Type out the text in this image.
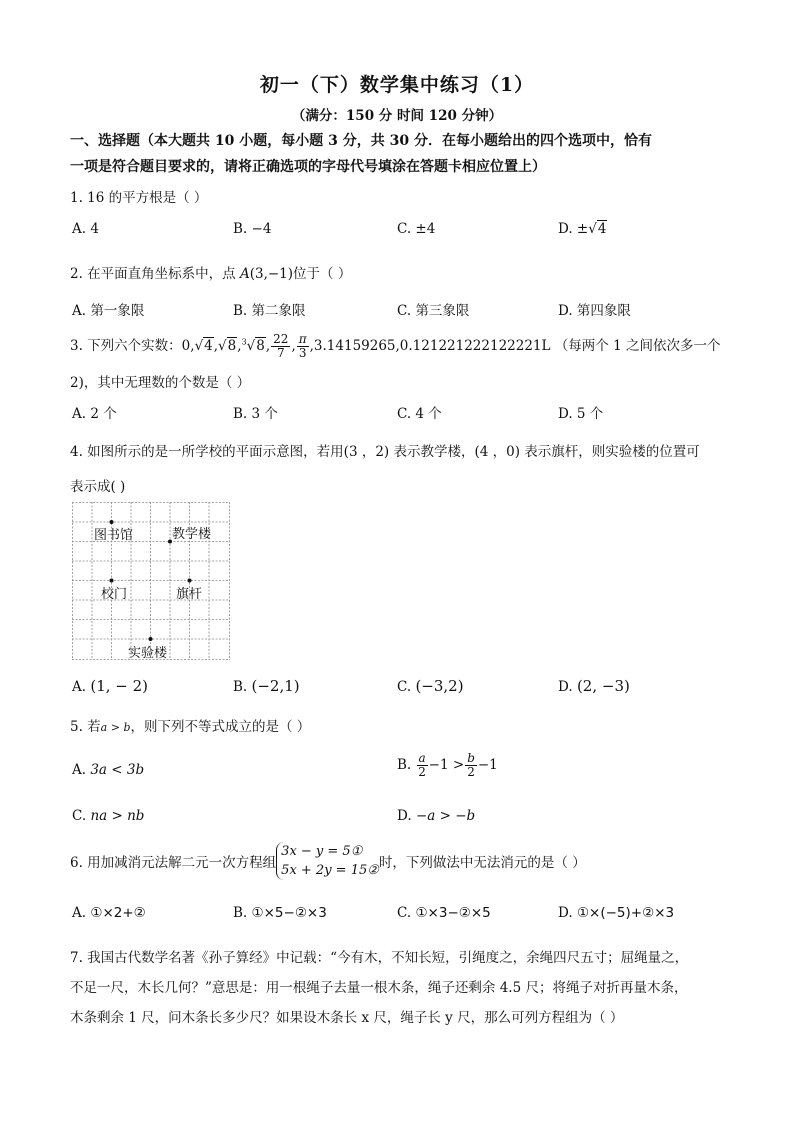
初一（下）数学集中练习（1）
（满分：150 分 时间 120 分钟）
一、选择题（本大题共 10 小题，每小题 3 分，共 30 分．在每小题给出的四个选项中，恰有
一项是符合题目要求的，请将正确选项的字母代号填涂在答题卡相应位置上）
1. 16 的平方根是（ ）
A. 4	B. −4	C. ±4	D. ±√4
2. 在平面直角坐标系中，点 A(3,−1)位于（ ）
A. 第一象限	B. 第二象限	C. 第三象限	D. 第四象限
3. 下列六个实数：0,√4,√8,$^3$√8, $\frac{22}{7}$ , $\frac{\pi}{3} ,3.14159265,0.121221222122221L$ （每两个 1 之间依次多一个
2)，其中无理数的个数是（ ）
A. 2 个	B. 3 个	C. 4 个	D. 5 个
4. 如图所示的是一所学校的平面示意图，若用(3 ，2) 表示教学楼，(4 ，0) 表示旗杆，则实验楼的位置可
表示成( )
图书馆	教学楼
校门	旗杆
实验楼
A. (1, − 2)	B. (−2,1)	C. (−3,2)	D. (2, −3)
5. 若a > b，则下列不等式成立的是（ ）
A. 3a < 3b	B. $\frac{a}{2} -1 > \frac{b}{2} -1$
C. na > nb	D. −a > −b
6. 用加减消元法解二元一次方程组
3x − y = 5①
5x + 2y = 15② 时，下列做法中无法消元的是（ ）
A. ①×2+②	B. ①×5−②×3	C. ①×3−②×5	D. ①×(−5)+②×3
7. 我国古代数学名著《孙子算经》中记载：“今有木，不知长短，引绳度之，余绳四尺五寸；屈绳量之，
不足一尺，木长几何？”意思是：用一根绳子去量一根木条，绳子还剩余 4.5 尺；将绳子对折再量木条，
木条剩余 1 尺，问木条长多少尺？如果设木条长 x 尺，绳子长 y 尺，那么可列方程组为（ ）
